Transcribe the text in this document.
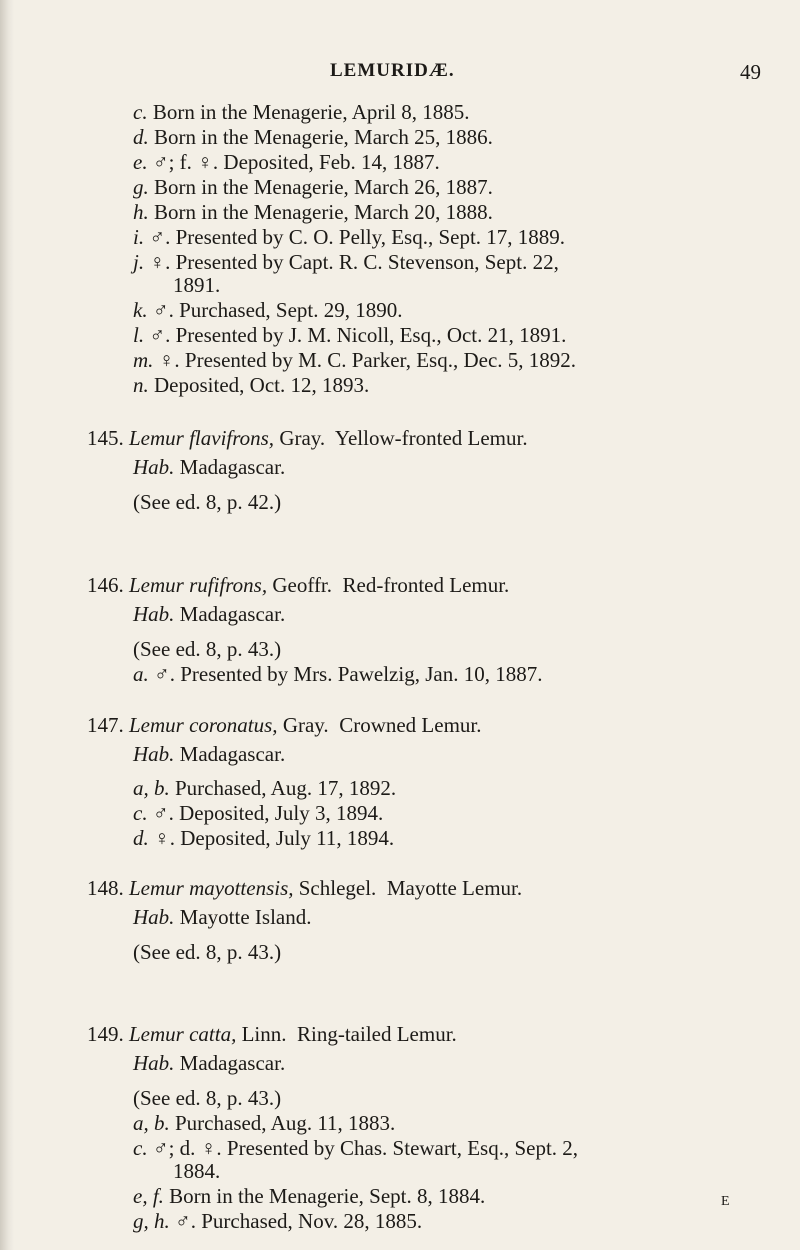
LEMURIDÆ.	49
c. Born in the Menagerie, April 8, 1885.
d. Born in the Menagerie, March 25, 1886.
e. ♂; f. ♀. Deposited, Feb. 14, 1887.
g. Born in the Menagerie, March 26, 1887.
h. Born in the Menagerie, March 20, 1888.
i. ♂. Presented by C. O. Pelly, Esq., Sept. 17, 1889.
j. ♀. Presented by Capt. R. C. Stevenson, Sept. 22,
1891.
k. ♂. Purchased, Sept. 29, 1890.
l. ♂. Presented by J. M. Nicoll, Esq., Oct. 21, 1891.
m. ♀. Presented by M. C. Parker, Esq., Dec. 5, 1892.
n. Deposited, Oct. 12, 1893.
145. Lemur flavifrons, Gray. Yellow-fronted Lemur.
Hab. Madagascar.
(See ed. 8, p. 42.)
146. Lemur rufifrons, Geoffr. Red-fronted Lemur.
Hab. Madagascar.
(See ed. 8, p. 43.)
a. ♂. Presented by Mrs. Pawelzig, Jan. 10, 1887.
147. Lemur coronatus, Gray. Crowned Lemur.
Hab. Madagascar.
a, b. Purchased, Aug. 17, 1892.
c. ♂. Deposited, July 3, 1894.
d. ♀. Deposited, July 11, 1894.
148. Lemur mayottensis, Schlegel. Mayotte Lemur.
Hab. Mayotte Island.
(See ed. 8, p. 43.)
149. Lemur catta, Linn. Ring-tailed Lemur.
Hab. Madagascar.
(See ed. 8, p. 43.)
a, b. Purchased, Aug. 11, 1883.
c. ♂; d. ♀. Presented by Chas. Stewart, Esq., Sept. 2,
1884.
e, f. Born in the Menagerie, Sept. 8, 1884.
g, h. ♂. Purchased, Nov. 28, 1885.
E
